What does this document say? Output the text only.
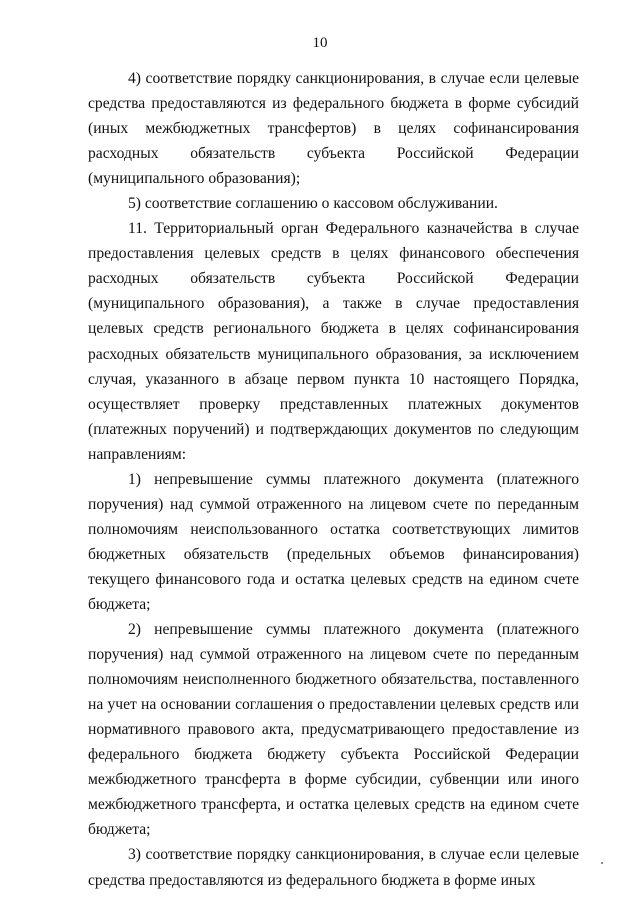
10

4) соответствие порядку санкционирования, в случае если целевые средства предоставляются из федерального бюджета в форме субсидий (иных межбюджетных трансфертов) в целях софинансирования расходных обязательств субъекта Российской Федерации (муниципального образования);

5) соответствие соглашению о кассовом обслуживании.

11. Территориальный орган Федерального казначейства в случае предоставления целевых средств в целях финансового обеспечения расходных обязательств субъекта Российской Федерации (муниципального образования), а также в случае предоставления целевых средств регионального бюджета в целях софинансирования расходных обязательств муниципального образования, за исключением случая, указанного в абзаце первом пункта 10 настоящего Порядка, осуществляет проверку представленных платежных документов (платежных поручений) и подтверждающих документов по следующим направлениям:

1) непревышение суммы платежного документа (платежного поручения) над суммой отраженного на лицевом счете по переданным полномочиям неиспользованного остатка соответствующих лимитов бюджетных обязательств (предельных объемов финансирования) текущего финансового года и остатка целевых средств на едином счете бюджета;

2) непревышение суммы платежного документа (платежного поручения) над суммой отраженного на лицевом счете по переданным полномочиям неисполненного бюджетного обязательства, поставленного на учет на основании соглашения о предоставлении целевых средств или нормативного правового акта, предусматривающего предоставление из федерального бюджета бюджету субъекта Российской Федерации межбюджетного трансферта в форме субсидии, субвенции или иного межбюджетного трансферта, и остатка целевых средств на едином счете бюджета;

3) соответствие порядку санкционирования, в случае если целевые средства предоставляются из федерального бюджета в форме иных
